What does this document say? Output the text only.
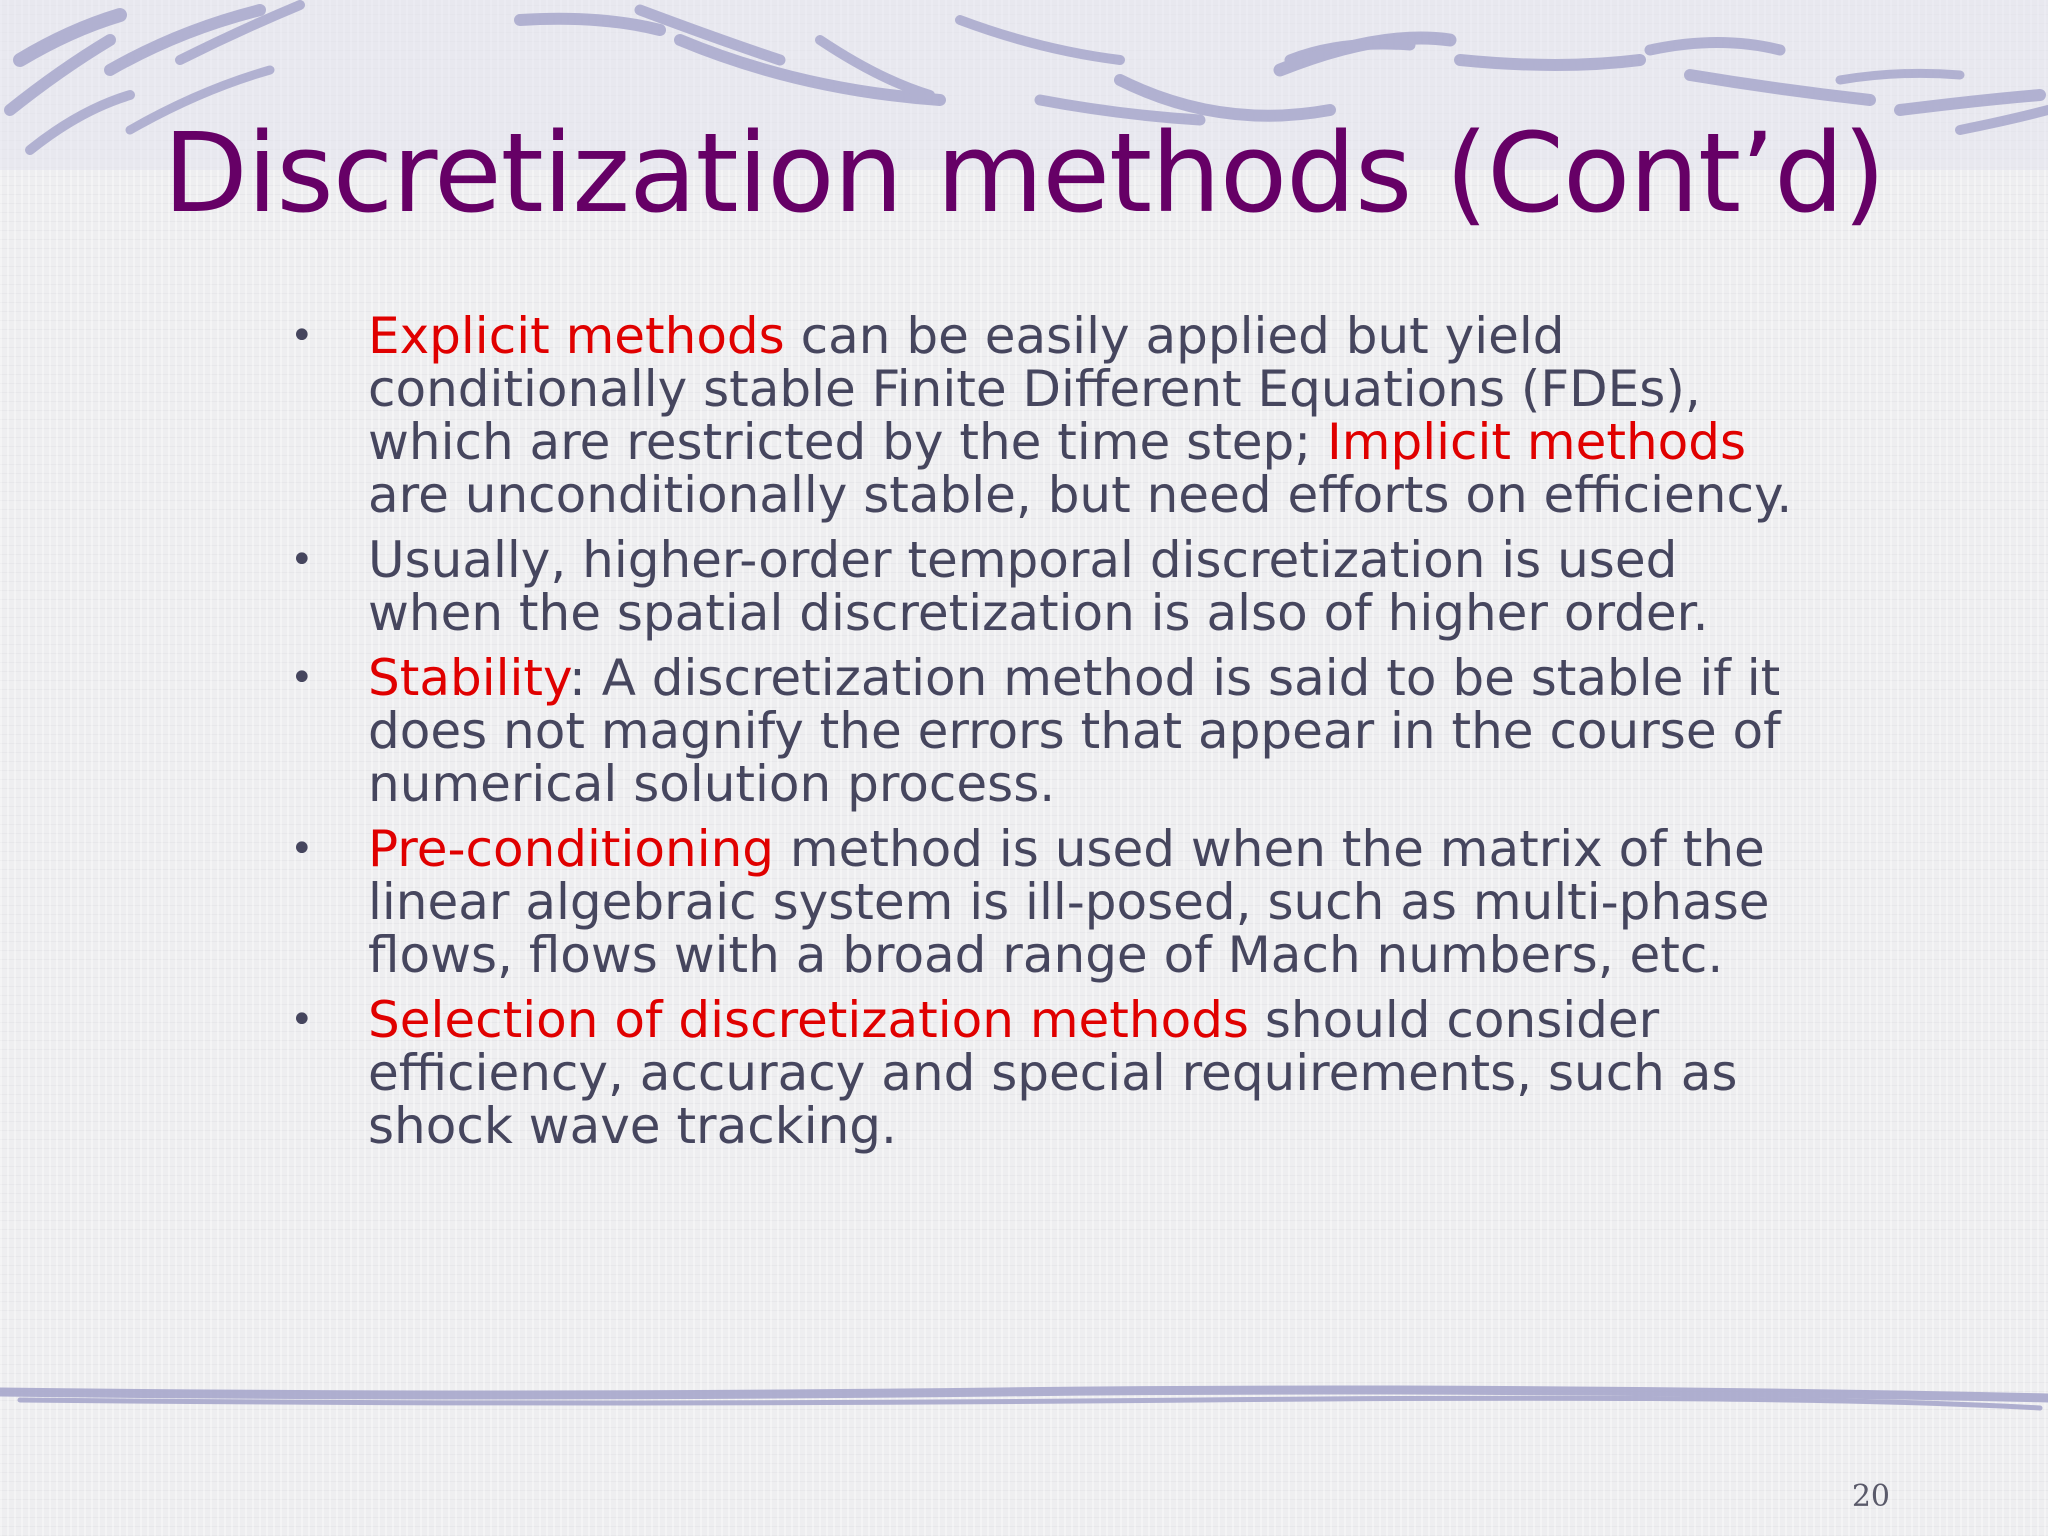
Discretization methods (Cont’d)
• Explicit methods can be easily applied but yield conditionally stable Finite Different Equations (FDEs), which are restricted by the time step; Implicit methods are unconditionally stable, but need efforts on efficiency.
• Usually, higher-order temporal discretization is used when the spatial discretization is also of higher order.
• Stability: A discretization method is said to be stable if it does not magnify the errors that appear in the course of numerical solution process.
• Pre-conditioning method is used when the matrix of the linear algebraic system is ill-posed, such as multi-phase flows, flows with a broad range of Mach numbers, etc.
• Selection of discretization methods should consider efficiency, accuracy and special requirements, such as shock wave tracking.
20
